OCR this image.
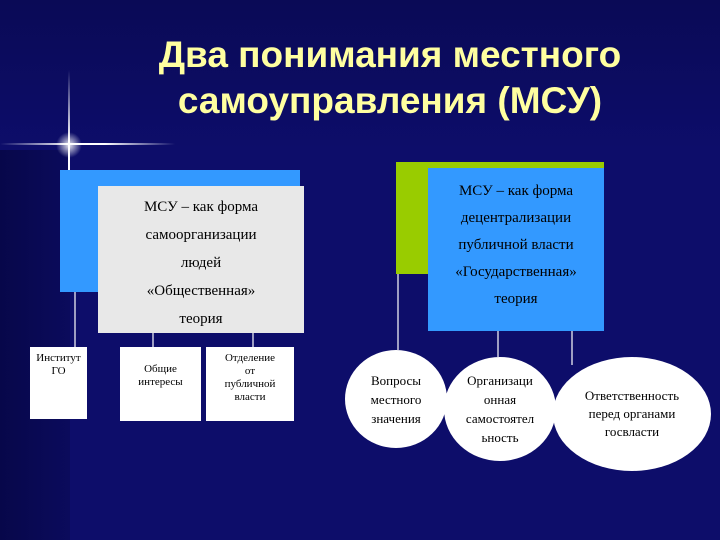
Два понимания местного
самоуправления (МСУ)
МСУ – как форма
самоорганизации
людей
«Общественная»
теория
МСУ – как форма
децентрализации
публичной власти
«Государственная»
теория
Институт
ГО	Общие
интересы
Отделение
от
публичной
власти
Вопросы
местного
значения
Организаци
онная
самостоятел
ьность
Ответственность
перед органами
госвласти
